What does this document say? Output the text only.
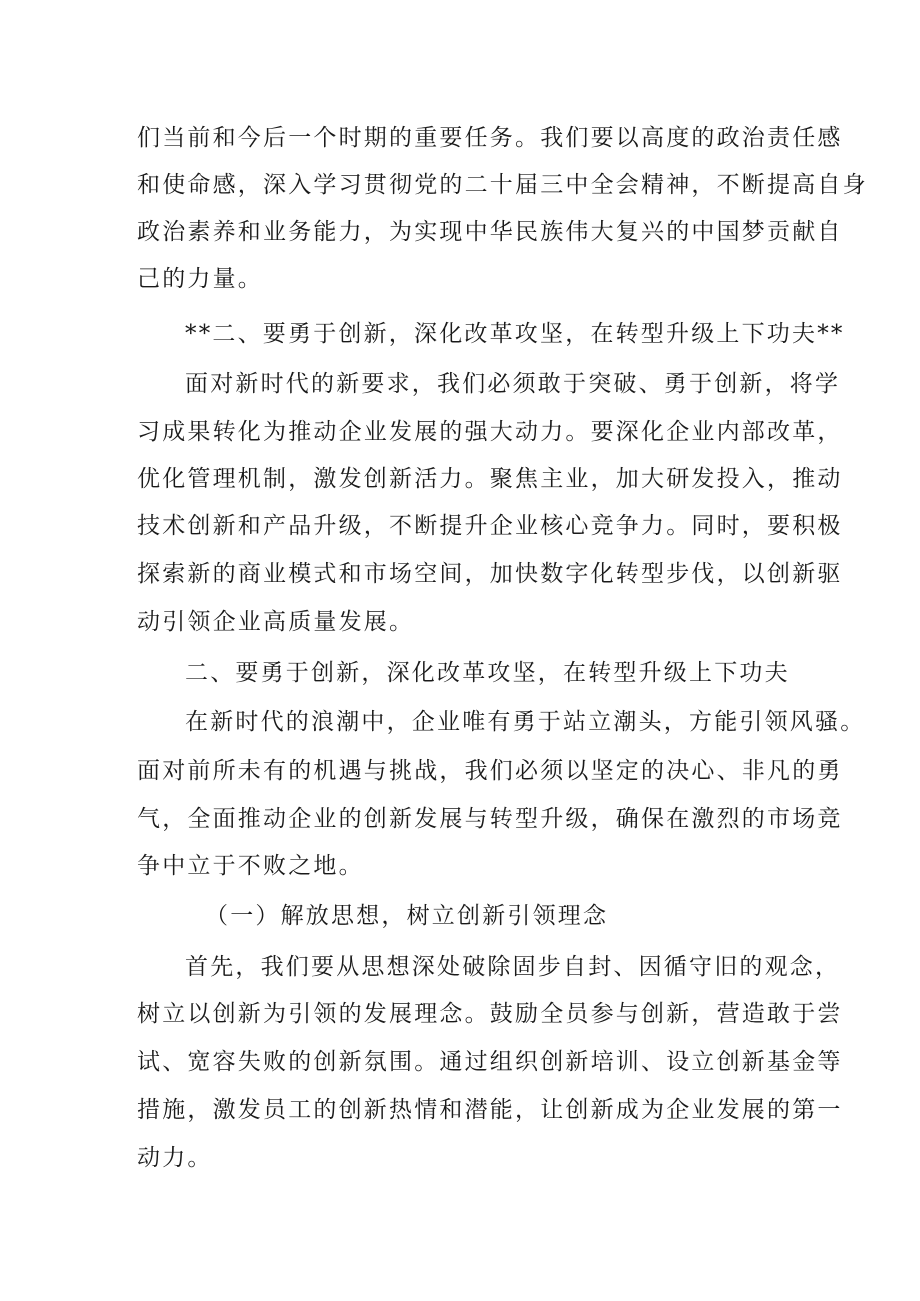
们当前和今后一个时期的重要任务。我们要以高度的政治责任感
和使命感，深入学习贯彻党的二十届三中全会精神，不断提高自身
政治素养和业务能力，为实现中华民族伟大复兴的中国梦贡献自
己的力量。
**二、要勇于创新，深化改革攻坚，在转型升级上下功夫**
面对新时代的新要求，我们必须敢于突破、勇于创新，将学
习成果转化为推动企业发展的强大动力。要深化企业内部改革，
优化管理机制，激发创新活力。聚焦主业，加大研发投入，推动
技术创新和产品升级，不断提升企业核心竞争力。同时，要积极
探索新的商业模式和市场空间，加快数字化转型步伐，以创新驱
动引领企业高质量发展。
二、要勇于创新，深化改革攻坚，在转型升级上下功夫
在新时代的浪潮中，企业唯有勇于站立潮头，方能引领风骚。
面对前所未有的机遇与挑战，我们必须以坚定的决心、非凡的勇
气，全面推动企业的创新发展与转型升级，确保在激烈的市场竞
争中立于不败之地。
（一）解放思想，树立创新引领理念
首先，我们要从思想深处破除固步自封、因循守旧的观念，
树立以创新为引领的发展理念。鼓励全员参与创新，营造敢于尝
试、宽容失败的创新氛围。通过组织创新培训、设立创新基金等
措施，激发员工的创新热情和潜能，让创新成为企业发展的第一
动力。
